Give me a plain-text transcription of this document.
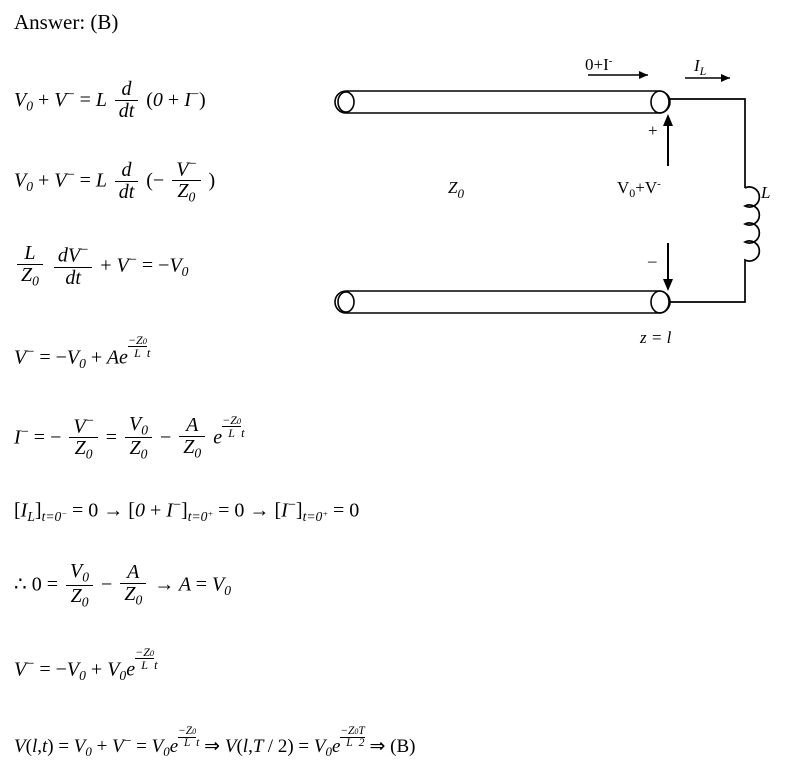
Answer: (B)
$V_0 + V^- = L \frac{d}{dt} (0 + I^-)$
$V_0 + V^- = L \frac{d}{dt}$ (− $\frac{V^-}{Z_0}$ )
$\frac{L}{Z_0}$
$\frac{dV^-}{dt} + V^- = -V_0$
$V^- = -V_0 + Ae \frac{-Z0}{L} ^t$
I− = − $\frac{V^-}{Z_0} = \frac{V_0}{Z_0} - \frac{A}{Z_0}$ e $\frac{-Z0}{L} ^t$
$[I_L]_{t=0^-} = 0 \to [0 + I^-]_{t=0^+} = 0 \to [I^-]_{t=0^+} = 0$
∴ $0 = \frac{V_0}{Z_0} - \frac{A}{Z_0} \to A = V_0$
$V^- = -V_0 + V_0e \frac{-Z0}{L} ^t$
$V(l,t) = V_0 + V^- = V_0e \frac{-Z0}{L} ^t$ ⇒ $V(l,T / 2) = V_0e \frac{-Z0}{L} \frac{T}{2}$ ⇒ (B)
0+I-	$I_L$
$Z_0$	$V_0+V^-$	L
+
–
z = l
